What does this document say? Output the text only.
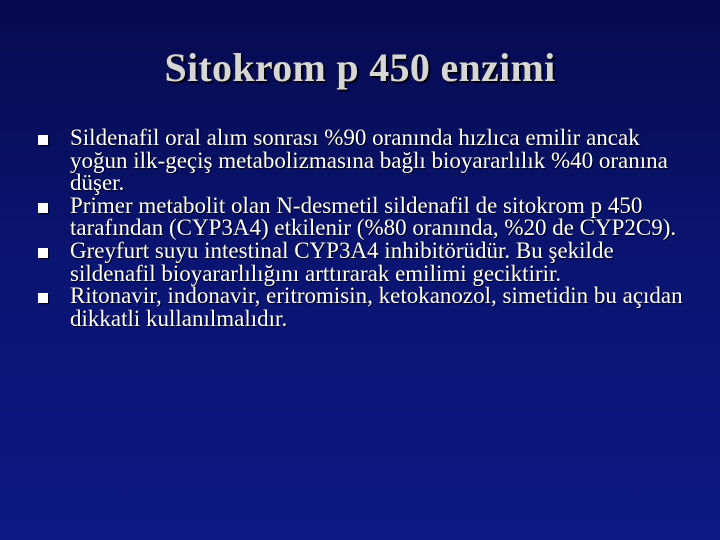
Sitokrom p 450 enzimi
Sildenafil oral alım sonrası %90 oranında hızlıca emilir ancak yoğun ilk-geçiş metabolizmasına bağlı bioyararlılık %40 oranına düşer.
Primer metabolit olan N-desmetil sildenafil de sitokrom p 450 tarafından (CYP3A4) etkilenir (%80 oranında, %20 de CYP2C9).
Greyfurt suyu intestinal CYP3A4 inhibitörüdür. Bu şekilde sildenafil bioyararlılığını arttırarak emilimi geciktirir.
Ritonavir, indonavir, eritromisin, ketokanozol, simetidin bu açıdan dikkatli kullanılmalıdır.
